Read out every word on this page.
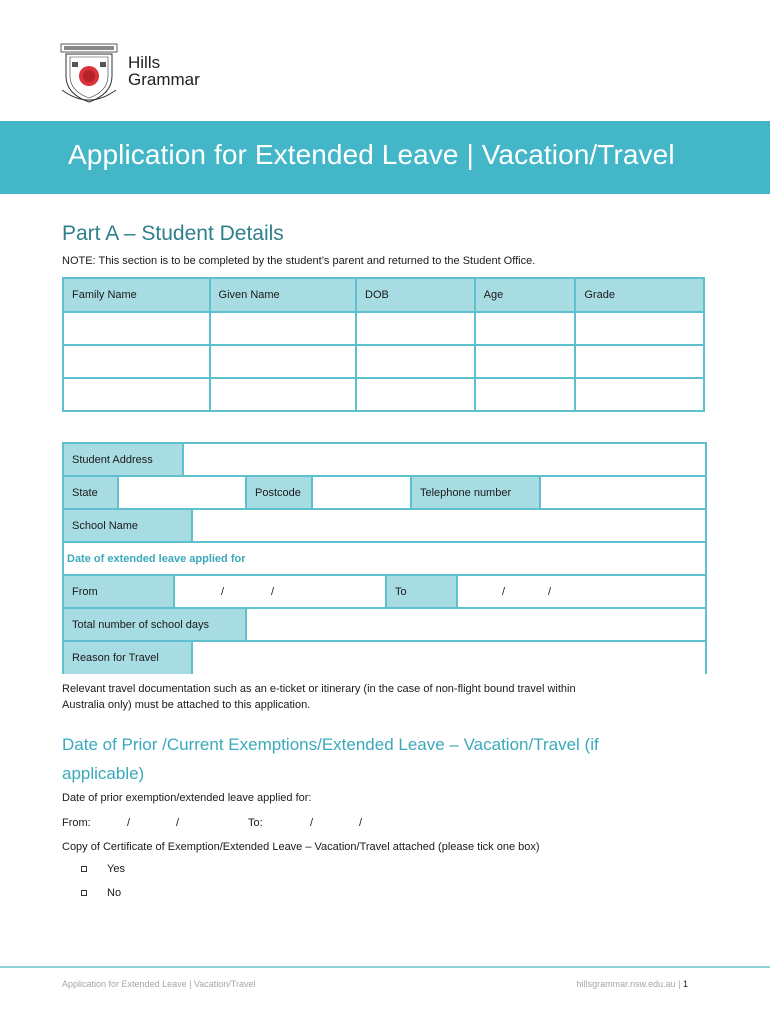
Hills
Grammar
Application for Extended Leave | Vacation/Travel
Part A – Student Details
NOTE: This section is to be completed by the student’s parent and returned to the Student Office.
Family Name	Given Name	DOB	Age	Grade

Student Address
State	Postcode	Telephone number
School Name
Date of extended leave applied for
From	/	/	To	/	/
Total number of school days
Reason for Travel
Relevant travel documentation such as an e-ticket or itinerary (in the case of non-flight bound travel within
Australia only) must be attached to this application.
Date of Prior /Current Exemptions/Extended Leave – Vacation/Travel (if
applicable)
Date of prior exemption/extended leave applied for:
From:	/	/	To:	/	/
Copy of Certificate of Exemption/Extended Leave – Vacation/Travel attached (please tick one box)
Yes
No
Application for Extended Leave | Vacation/Travel	hillsgrammar.nsw.edu.au | 1
